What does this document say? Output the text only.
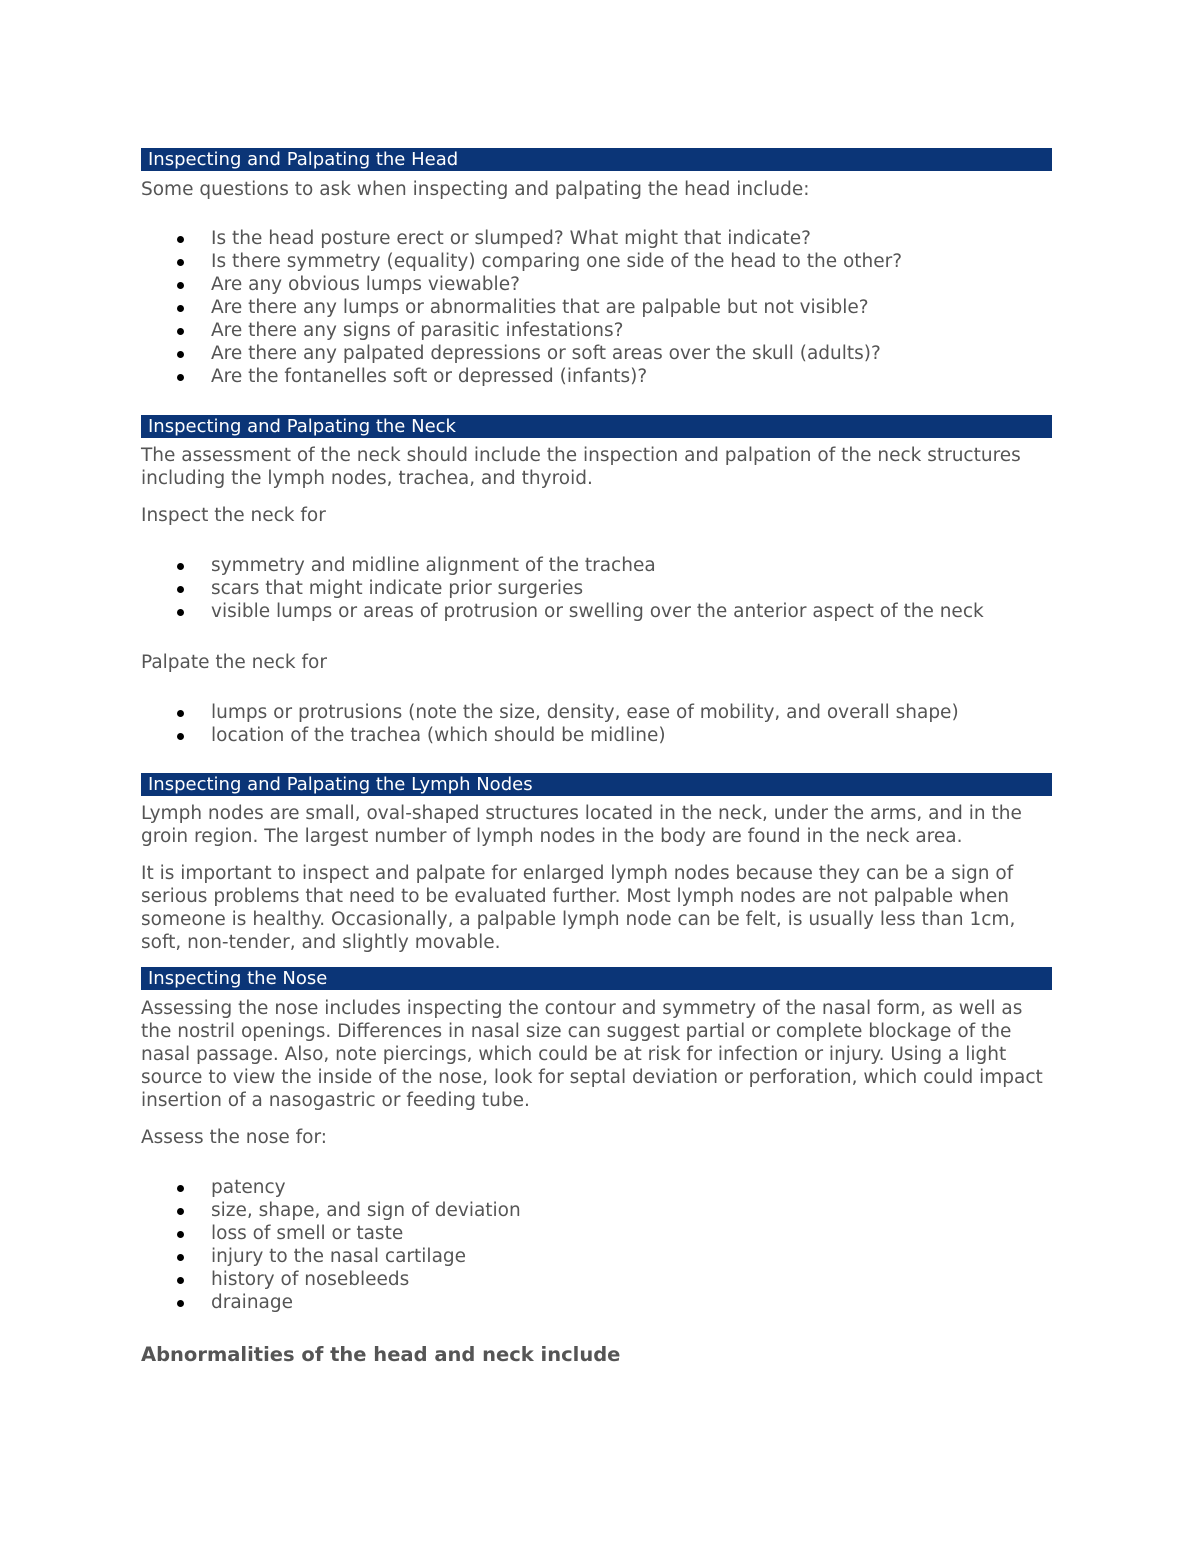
Inspecting and Palpating the Head

Some questions to ask when inspecting and palpating the head include:

Is the head posture erect or slumped? What might that indicate?
Is there symmetry (equality) comparing one side of the head to the other?
Are any obvious lumps viewable?
Are there any lumps or abnormalities that are palpable but not visible?
Are there any signs of parasitic infestations?
Are there any palpated depressions or soft areas over the skull (adults)?
Are the fontanelles soft or depressed (infants)?
Inspecting and Palpating the Neck

The assessment of the neck should include the inspection and palpation of the neck structures including the lymph nodes, trachea, and thyroid.

Inspect the neck for

symmetry and midline alignment of the trachea
scars that might indicate prior surgeries
visible lumps or areas of protrusion or swelling over the anterior aspect of the neck

Palpate the neck for

lumps or protrusions (note the size, density, ease of mobility, and overall shape)
location of the trachea (which should be midline)
Inspecting and Palpating the Lymph Nodes

Lymph nodes are small, oval-shaped structures located in the neck, under the arms, and in the groin region. The largest number of lymph nodes in the body are found in the neck area.

It is important to inspect and palpate for enlarged lymph nodes because they can be a sign of serious problems that need to be evaluated further. Most lymph nodes are not palpable when someone is healthy. Occasionally, a palpable lymph node can be felt, is usually less than 1cm, soft, non-tender, and slightly movable.

Inspecting the Nose

Assessing the nose includes inspecting the contour and symmetry of the nasal form, as well as the nostril openings. Differences in nasal size can suggest partial or complete blockage of the nasal passage. Also, note piercings, which could be at risk for infection or injury. Using a light source to view the inside of the nose, look for septal deviation or perforation, which could impact insertion of a nasogastric or feeding tube.

Assess the nose for:

patency
size, shape, and sign of deviation
loss of smell or taste
injury to the nasal cartilage
history of nosebleeds
drainage

Abnormalities of the head and neck include
